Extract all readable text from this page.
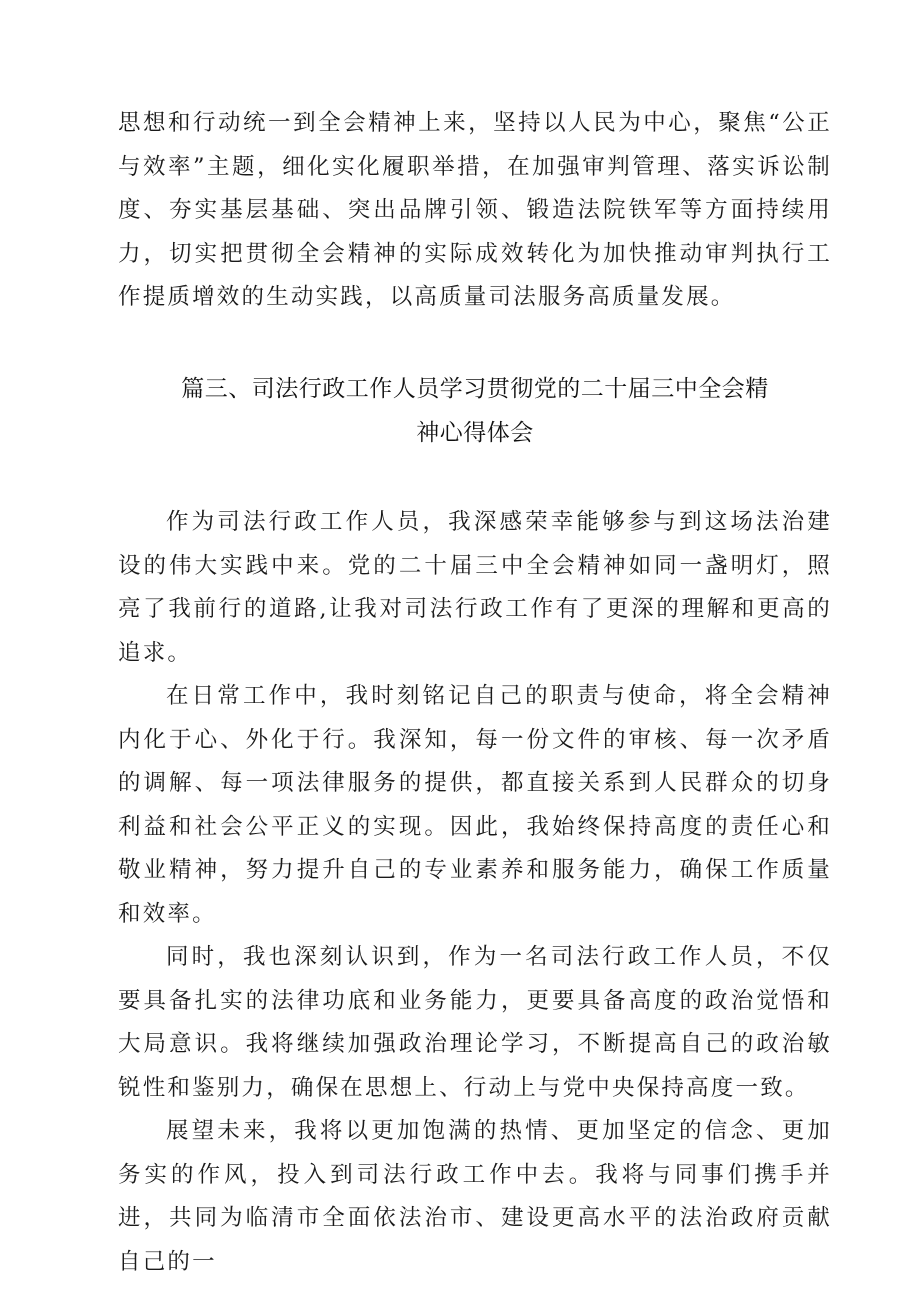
思想和行动统一到全会精神上来，坚持以人民为中心，聚焦“公正与效率”主题，细化实化履职举措，在加强审判管理、落实诉讼制度、夯实基层基础、突出品牌引领、锻造法院铁军等方面持续用力，切实把贯彻全会精神的实际成效转化为加快推动审判执行工作提质增效的生动实践，以高质量司法服务高质量发展。

篇三、司法行政工作人员学习贯彻党的二十届三中全会精
神心得体会

作为司法行政工作人员，我深感荣幸能够参与到这场法治建设的伟大实践中来。党的二十届三中全会精神如同一盏明灯，照亮了我前行的道路,让我对司法行政工作有了更深的理解和更高的追求。

在日常工作中，我时刻铭记自己的职责与使命，将全会精神内化于心、外化于行。我深知，每一份文件的审核、每一次矛盾的调解、每一项法律服务的提供，都直接关系到人民群众的切身利益和社会公平正义的实现。因此，我始终保持高度的责任心和敬业精神，努力提升自己的专业素养和服务能力，确保工作质量和效率。

同时，我也深刻认识到，作为一名司法行政工作人员，不仅要具备扎实的法律功底和业务能力，更要具备高度的政治觉悟和大局意识。我将继续加强政治理论学习，不断提高自己的政治敏锐性和鉴别力，确保在思想上、行动上与党中央保持高度一致。

展望未来，我将以更加饱满的热情、更加坚定的信念、更加务实的作风，投入到司法行政工作中去。我将与同事们携手并进，共同为临清市全面依法治市、建设更高水平的法治政府贡献自己的一
